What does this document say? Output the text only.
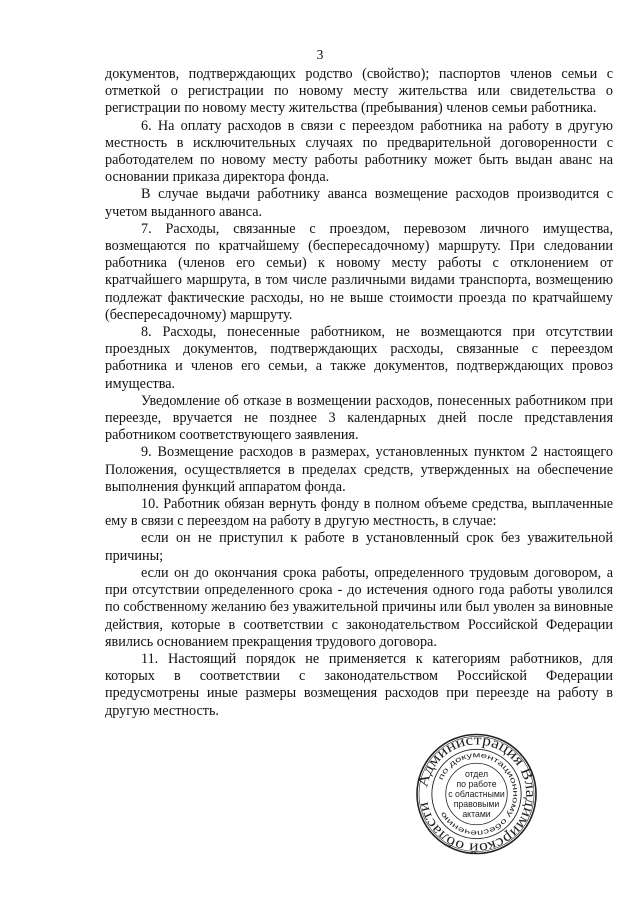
3

документов, подтверждающих родство (свойство); паспортов членов семьи с отметкой о регистрации по новому месту жительства или свидетельства о регистрации по новому месту жительства (пребывания) членов семьи работника.

6. На оплату расходов в связи с переездом работника на работу в другую местность в исключительных случаях по предварительной договоренности с работодателем по новому месту работы работнику может быть выдан аванс на основании приказа директора фонда.

В случае выдачи работнику аванса возмещение расходов производится с учетом выданного аванса.

7. Расходы, связанные с проездом, перевозом личного имущества, возмещаются по кратчайшему (беспересадочному) маршруту. При следовании работника (членов его семьи) к новому месту работы с отклонением от кратчайшего маршрута, в том числе различными видами транспорта, возмещению подлежат фактические расходы, но не выше стоимости проезда по кратчайшему (беспересадочному) маршруту.

8. Расходы, понесенные работником, не возмещаются при отсутствии проездных документов, подтверждающих расходы, связанные с переездом работника и членов его семьи, а также документов, подтверждающих провоз имущества.

Уведомление об отказе в возмещении расходов, понесенных работником при переезде, вручается не позднее 3 календарных дней после представления работником соответствующего заявления.

9. Возмещение расходов в размерах, установленных пунктом 2 настоящего Положения, осуществляется в пределах средств, утвержденных на обеспечение выполнения функций аппаратом фонда.

10. Работник обязан вернуть фонду в полном объеме средства, выплаченные ему в связи с переездом на работу в другую местность, в случае:

если он не приступил к работе в установленный срок без уважительной причины;

если он до окончания срока работы, определенного трудовым договором, а при отсутствии определенного срока - до истечения одного года работы уволился по собственному желанию без уважительной причины или был уволен за виновные действия, которые в соответствии с законодательством Российской Федерации явились основанием прекращения трудового договора.

11. Настоящий порядок не применяется к категориям работников, для которых в соответствии с законодательством Российской Федерации предусмотрены иные размеры возмещения расходов при переезде на работу в другую местность.

Администрация Владимирской области
по документационному обеспечению
отдел
по работе
с областными
правовыми
актами
